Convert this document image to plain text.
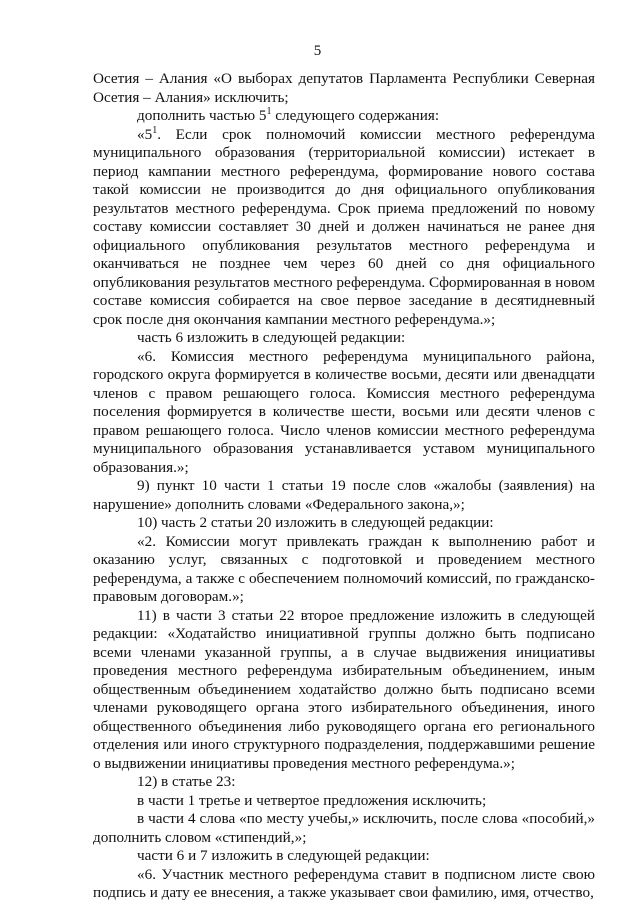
5

Осетия – Алания «О выборах депутатов Парламента Республики Северная Осетия – Алания» исключить;

дополнить частью $5^1$ следующего содержания:

«$5^1$. Если срок полномочий комиссии местного референдума муниципального образования (территориальной комиссии) истекает в период кампании местного референдума, формирование нового состава такой комиссии не производится до дня официального опубликования результатов местного референдума. Срок приема предложений по новому составу комиссии составляет 30 дней и должен начинаться не ранее дня официального опубликования результатов местного референдума и оканчиваться не позднее чем через 60 дней со дня официального опубликования результатов местного референдума. Сформированная в новом составе комиссия собирается на свое первое заседание в десятидневный срок после дня окончания кампании местного референдума.»;

часть 6 изложить в следующей редакции:

«6. Комиссия местного референдума муниципального района, городского округа формируется в количестве восьми, десяти или двенадцати членов с правом решающего голоса. Комиссия местного референдума поселения формируется в количестве шести, восьми или десяти членов с правом решающего голоса. Число членов комиссии местного референдума муниципального образования устанавливается уставом муниципального образования.»;

9) пункт 10 части 1 статьи 19 после слов «жалобы (заявления) на нарушение» дополнить словами «Федерального закона,»;

10) часть 2 статьи 20 изложить в следующей редакции:

«2. Комиссии могут привлекать граждан к выполнению работ и оказанию услуг, связанных с подготовкой и проведением местного референдума, а также с обеспечением полномочий комиссий, по гражданско-правовым договорам.»;

11) в части 3 статьи 22 второе предложение изложить в следующей редакции: «Ходатайство инициативной группы должно быть подписано всеми членами указанной группы, а в случае выдвижения инициативы проведения местного референдума избирательным объединением, иным общественным объединением ходатайство должно быть подписано всеми членами руководящего органа этого избирательного объединения, иного общественного объединения либо руководящего органа его регионального отделения или иного структурного подразделения, поддержавшими решение о выдвижении инициативы проведения местного референдума.»;

12) в статье 23:

в части 1 третье и четвертое предложения исключить;

в части 4 слова «по месту учебы,» исключить, после слова «пособий,» дополнить словом «стипендий,»;

части 6 и 7 изложить в следующей редакции:

«6. Участник местного референдума ставит в подписном листе свою подпись и дату ее внесения, а также указывает свои фамилию, имя, отчество,
